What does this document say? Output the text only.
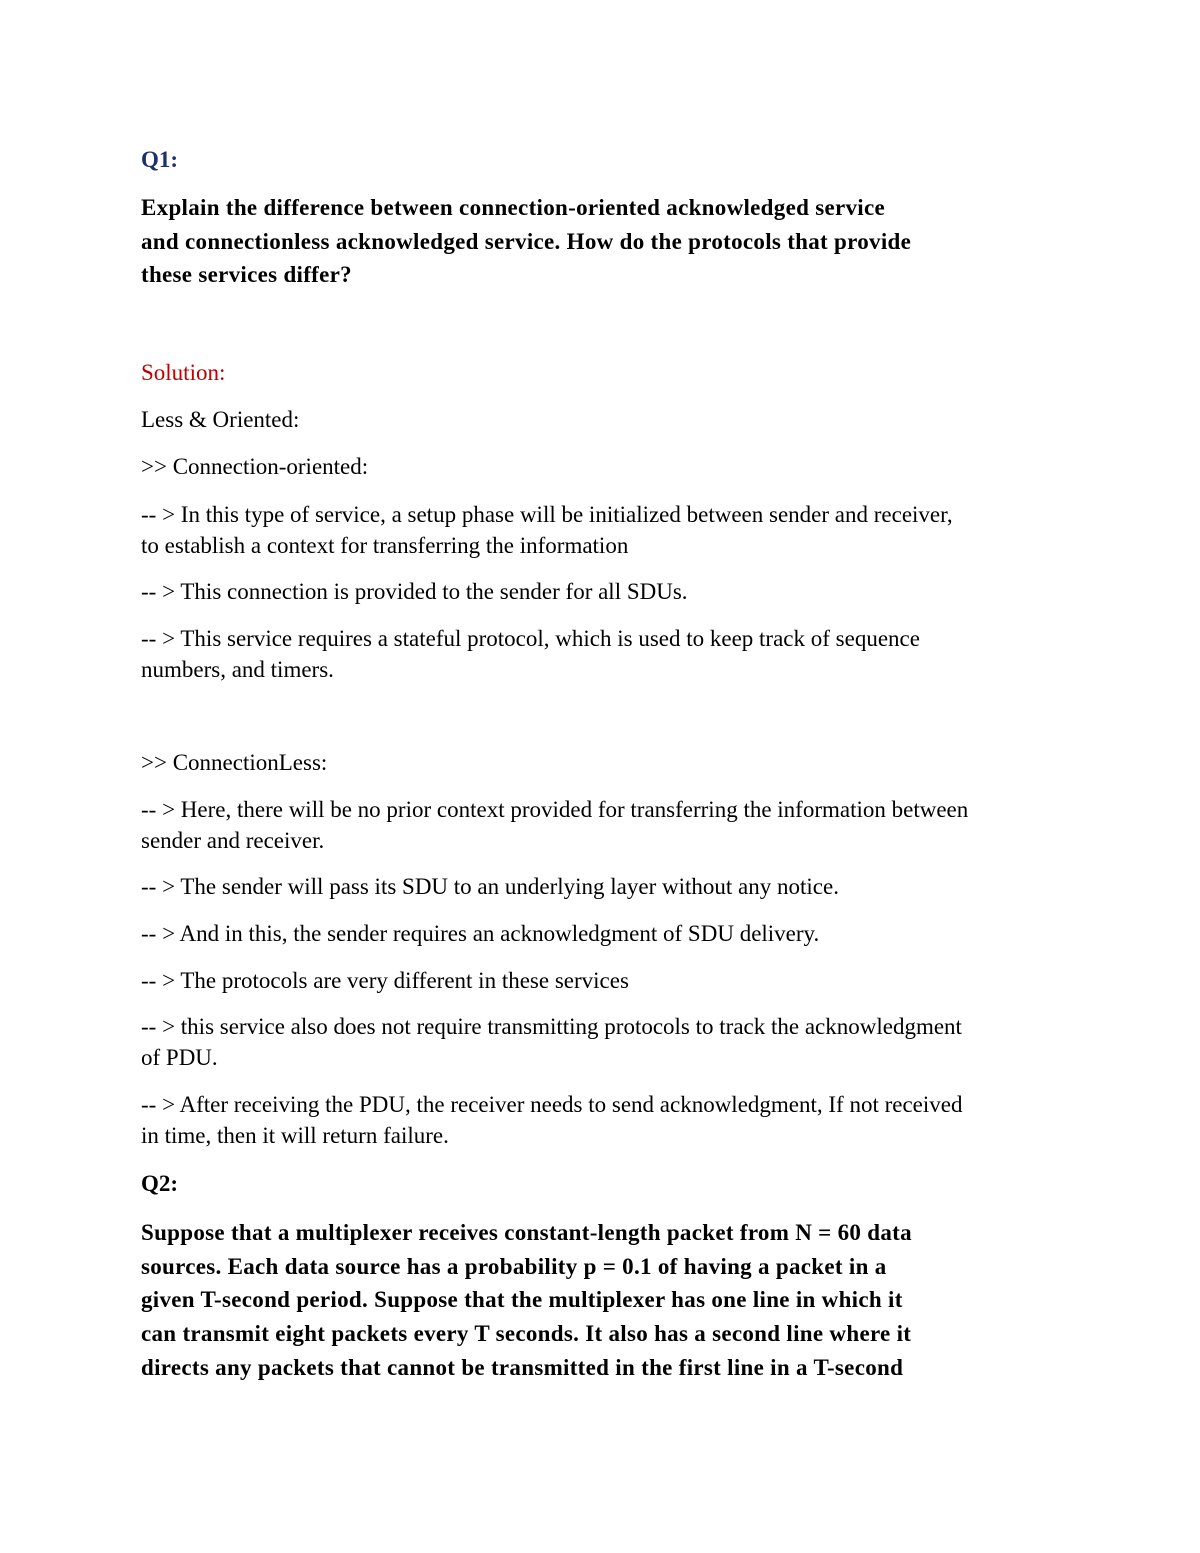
Q1:

Explain the difference between connection-oriented acknowledged service

and connectionless acknowledged service. How do the protocols that provide

these services differ?

Solution:

Less & Oriented:

>> Connection-oriented:

-- > In this type of service, a setup phase will be initialized between sender and receiver,

to establish a context for transferring the information

-- > This connection is provided to the sender for all SDUs.

-- > This service requires a stateful protocol, which is used to keep track of sequence

numbers, and timers.

>> ConnectionLess:

-- > Here, there will be no prior context provided for transferring the information between

sender and receiver.

-- > The sender will pass its SDU to an underlying layer without any notice.

-- > And in this, the sender requires an acknowledgment of SDU delivery.

-- > The protocols are very different in these services

-- > this service also does not require transmitting protocols to track the acknowledgment

of PDU.

-- > After receiving the PDU, the receiver needs to send acknowledgment, If not received

in time, then it will return failure.

Q2:

Suppose that a multiplexer receives constant-length packet from N = 60 data

sources. Each data source has a probability p = 0.1 of having a packet in a

given T-second period. Suppose that the multiplexer has one line in which it

can transmit eight packets every T seconds. It also has a second line where it

directs any packets that cannot be transmitted in the first line in a T-second
